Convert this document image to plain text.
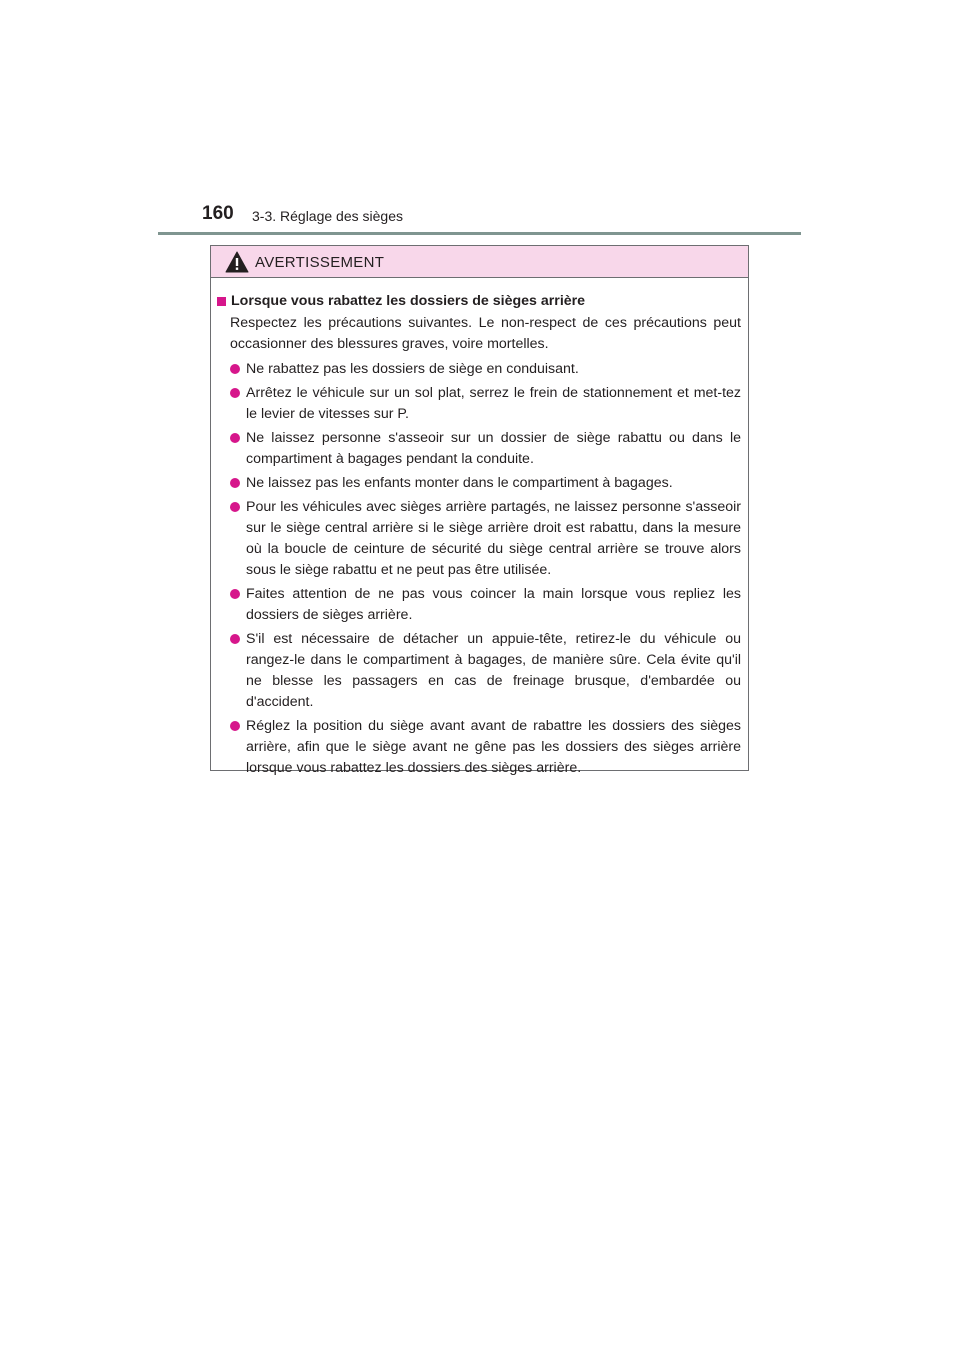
160 3-3. Réglage des sièges
AVERTISSEMENT
Lorsque vous rabattez les dossiers de sièges arrière
Respectez les précautions suivantes. Le non-respect de ces précautions peut occasionner des blessures graves, voire mortelles.
Ne rabattez pas les dossiers de siège en conduisant.
Arrêtez le véhicule sur un sol plat, serrez le frein de stationnement et met-tez le levier de vitesses sur P.
Ne laissez personne s'asseoir sur un dossier de siège rabattu ou dans le compartiment à bagages pendant la conduite.
Ne laissez pas les enfants monter dans le compartiment à bagages.
Pour les véhicules avec sièges arrière partagés, ne laissez personne s'asseoir sur le siège central arrière si le siège arrière droit est rabattu, dans la mesure où la boucle de ceinture de sécurité du siège central arrière se trouve alors sous le siège rabattu et ne peut pas être utilisée.
Faites attention de ne pas vous coincer la main lorsque vous repliez les dossiers de sièges arrière.
S'il est nécessaire de détacher un appuie-tête, retirez-le du véhicule ou rangez-le dans le compartiment à bagages, de manière sûre. Cela évite qu'il ne blesse les passagers en cas de freinage brusque, d'embardée ou d'accident.
Réglez la position du siège avant avant de rabattre les dossiers des sièges arrière, afin que le siège avant ne gêne pas les dossiers des sièges arrière lorsque vous rabattez les dossiers des sièges arrière.
